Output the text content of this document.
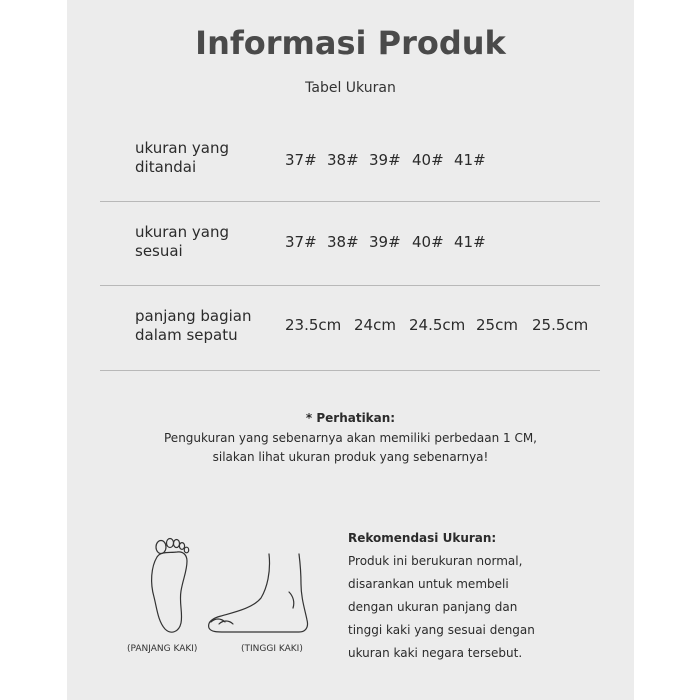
Informasi Produk
Tabel Ukuran
ukuran yang
ditandai	37# 38# 39# 40# 41#
ukuran yang
sesuai	37# 38# 39# 40# 41#
panjang bagian
dalam sepatu
23.5cm 24cm 24.5cm 25cm 25.5cm
* Perhatikan:
Pengukuran yang sebenarnya akan memiliki perbedaan 1 CM,
silakan lihat ukuran produk yang sebenarnya!
(PANJANG KAKI)	(TINGGI KAKI)
Rekomendasi Ukuran:
Produk ini berukuran normal,
disarankan untuk membeli
dengan ukuran panjang dan
tinggi kaki yang sesuai dengan
ukuran kaki negara tersebut.
